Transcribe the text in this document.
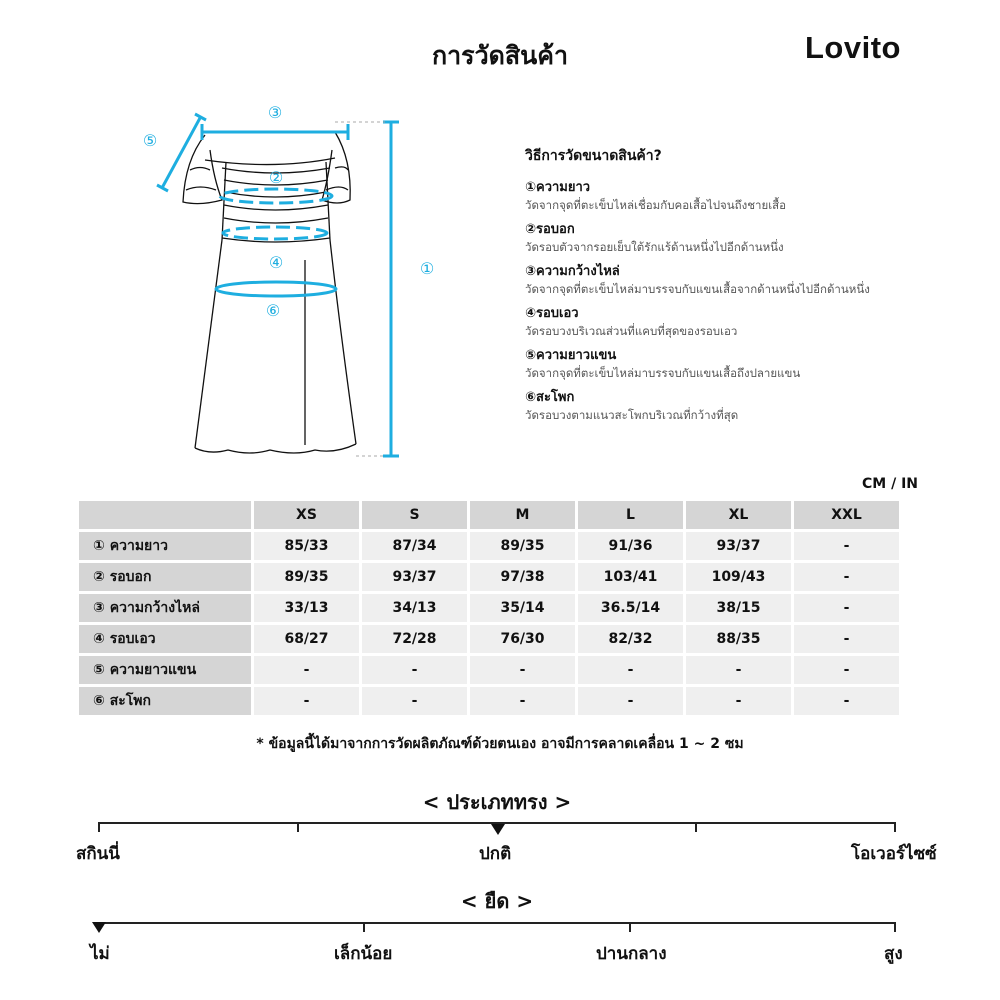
การวัดสินค้า	Lovito
①
②
③
④
⑤
⑥
วิธีการวัดขนาดสินค้า?
①ความยาว
วัดจากจุดที่ตะเข็บไหล่เชื่อมกับคอเสื้อไปจนถึงชายเสื้อ
②รอบอก
วัดรอบตัวจากรอยเย็บใต้รักแร้ด้านหนึ่งไปอีกด้านหนึ่ง
③ความกว้างไหล่
วัดจากจุดที่ตะเข็บไหล่มาบรรจบกับแขนเสื้อจากด้านหนึ่งไปอีกด้านหนึ่ง
④รอบเอว
วัดรอบวงบริเวณส่วนที่แคบที่สุดของรอบเอว
⑤ความยาวแขน
วัดจากจุดที่ตะเข็บไหล่มาบรรจบกับแขนเสื้อถึงปลายแขน
⑥สะโพก
วัดรอบวงตามแนวสะโพกบริเวณที่กว้างที่สุด
CM / IN
	XS	S	M	L	XL	XXL
① ความยาว	85/33	87/34	89/35	91/36	93/37	-
② รอบอก	89/35	93/37	97/38	103/41	109/43	-
③ ความกว้างไหล่	33/13	34/13	35/14	36.5/14	38/15	-
④ รอบเอว	68/27	72/28	76/30	82/32	88/35	-
⑤ ความยาวแขน	-	-	-	-	-	-
⑥ สะโพก	-	-	-	-	-	-
* ข้อมูลนี้ได้มาจากการวัดผลิตภัณฑ์ด้วยตนเอง อาจมีการคลาดเคลื่อน 1 ~ 2 ซม
< ประเภททรง >
สกินนี่	ปกติ	โอเวอร์ไซซ์
< ยืด >
ไม่	เล็กน้อย	ปานกลาง	สูง
